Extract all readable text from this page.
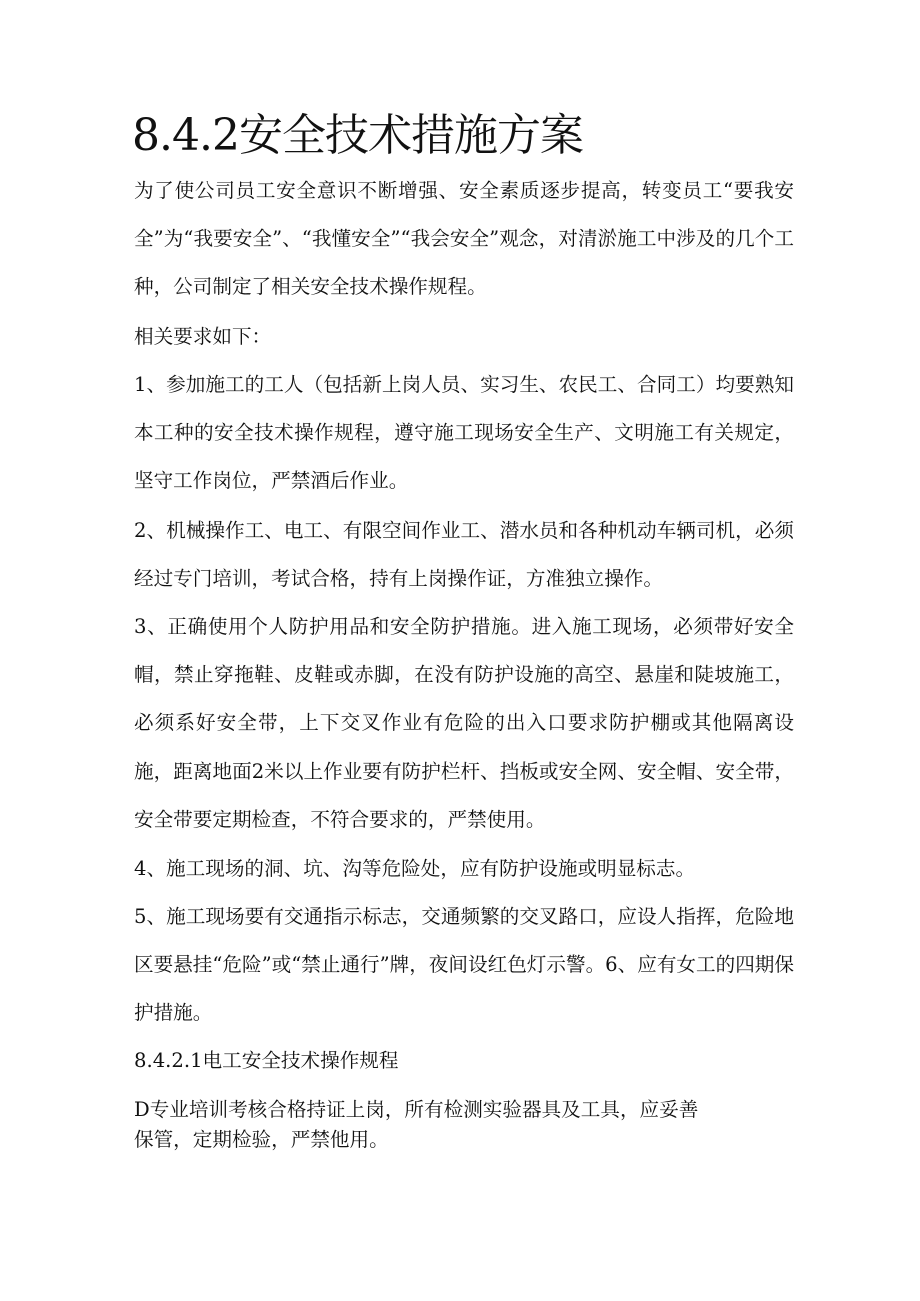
8.4.2安全技术措施方案
为了使公司员工安全意识不断增强、安全素质逐步提高，转变员工“要我安全”为“我要安全”、“我懂安全”“我会安全”观念，对清淤施工中涉及的几个工种，公司制定了相关安全技术操作规程。
相关要求如下：
1、参加施工的工人（包括新上岗人员、实习生、农民工、合同工）均要熟知本工种的安全技术操作规程，遵守施工现场安全生产、文明施工有关规定，坚守工作岗位，严禁酒后作业。
2、机械操作工、电工、有限空间作业工、潜水员和各种机动车辆司机，必须经过专门培训，考试合格，持有上岗操作证，方准独立操作。
3、正确使用个人防护用品和安全防护措施。进入施工现场，必须带好安全帽，禁止穿拖鞋、皮鞋或赤脚，在没有防护设施的高空、悬崖和陡坡施工，必须系好安全带，上下交叉作业有危险的出入口要求防护棚或其他隔离设施，距离地面2米以上作业要有防护栏杆、挡板或安全网、安全帽、安全带，安全带要定期检查，不符合要求的，严禁使用。
4、施工现场的洞、坑、沟等危险处，应有防护设施或明显标志。
5、施工现场要有交通指示标志，交通频繁的交叉路口，应设人指挥，危险地区要悬挂“危险”或“禁止通行”牌，夜间设红色灯示警。6、应有女工的四期保护措施。
8.4.2.1电工安全技术操作规程
D专业培训考核合格持证上岗，所有检测实验器具及工具，应妥善保管，定期检验，严禁他用。
